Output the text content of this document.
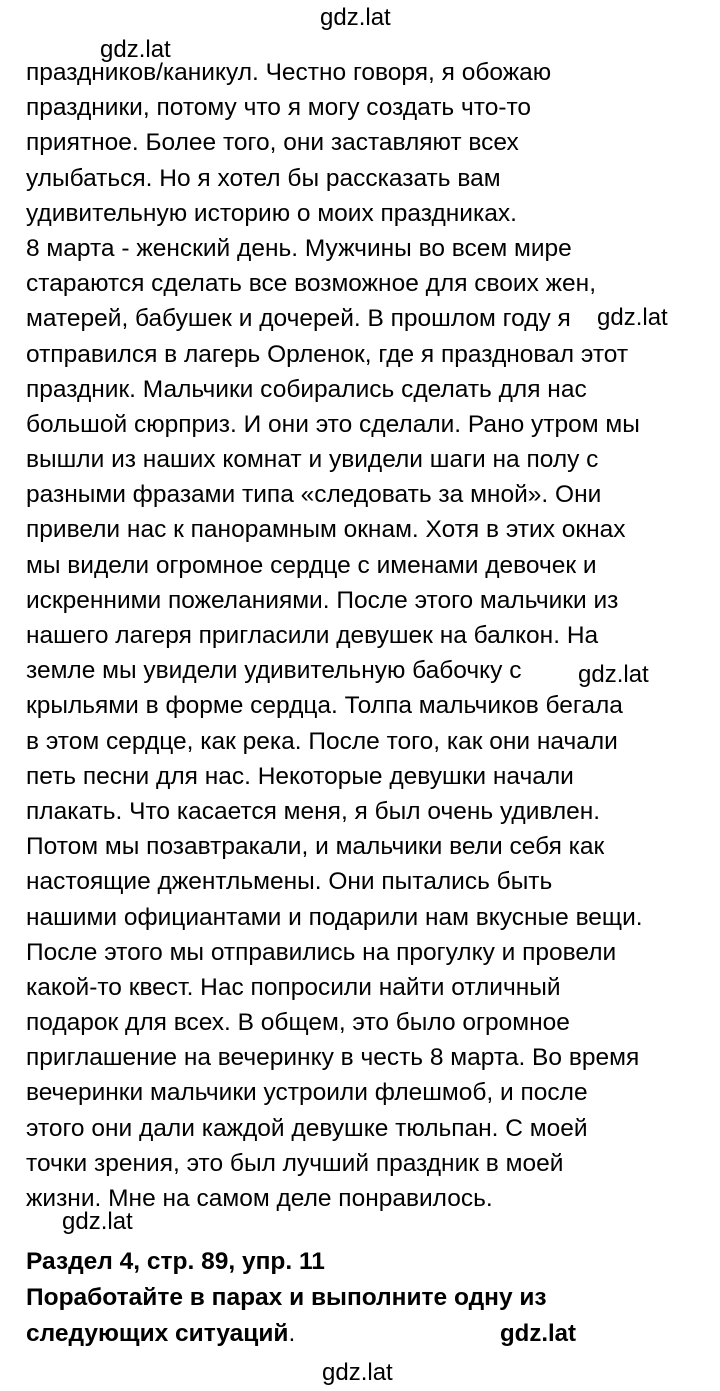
gdz.lat
gdz.lat
gdz.lat
gdz.lat
gdz.lat
gdz.lat
gdz.lat
праздников/каникул. Честно говоря, я обожаю
праздники, потому что я могу создать что-то
приятное. Более того, они заставляют всех
улыбаться. Но я хотел бы рассказать вам
удивительную историю о моих праздниках.
8 марта - женский день. Мужчины во всем мире
стараются сделать все возможное для своих жен,
матерей, бабушек и дочерей. В прошлом году я
отправился в лагерь Орленок, где я праздновал этот
праздник. Мальчики собирались сделать для нас
большой сюрприз. И они это сделали. Рано утром мы
вышли из наших комнат и увидели шаги на полу с
разными фразами типа «следовать за мной». Они
привели нас к панорамным окнам. Хотя в этих окнах
мы видели огромное сердце с именами девочек и
искренними пожеланиями. После этого мальчики из
нашего лагеря пригласили девушек на балкон. На
земле мы увидели удивительную бабочку с
крыльями в форме сердца. Толпа мальчиков бегала
в этом сердце, как река. После того, как они начали
петь песни для нас. Некоторые девушки начали
плакать. Что касается меня, я был очень удивлен.
Потом мы позавтракали, и мальчики вели себя как
настоящие джентльмены. Они пытались быть
нашими официантами и подарили нам вкусные вещи.
После этого мы отправились на прогулку и провели
какой-то квест. Нас попросили найти отличный
подарок для всех. В общем, это было огромное
приглашение на вечеринку в честь 8 марта. Во время
вечеринки мальчики устроили флешмоб, и после
этого они дали каждой девушке тюльпан. С моей
точки зрения, это был лучший праздник в моей
жизни. Мне на самом деле понравилось.
Раздел 4, стр. 89, упр. 11
Поработайте в парах и выполните одну из
следующих ситуаций.
